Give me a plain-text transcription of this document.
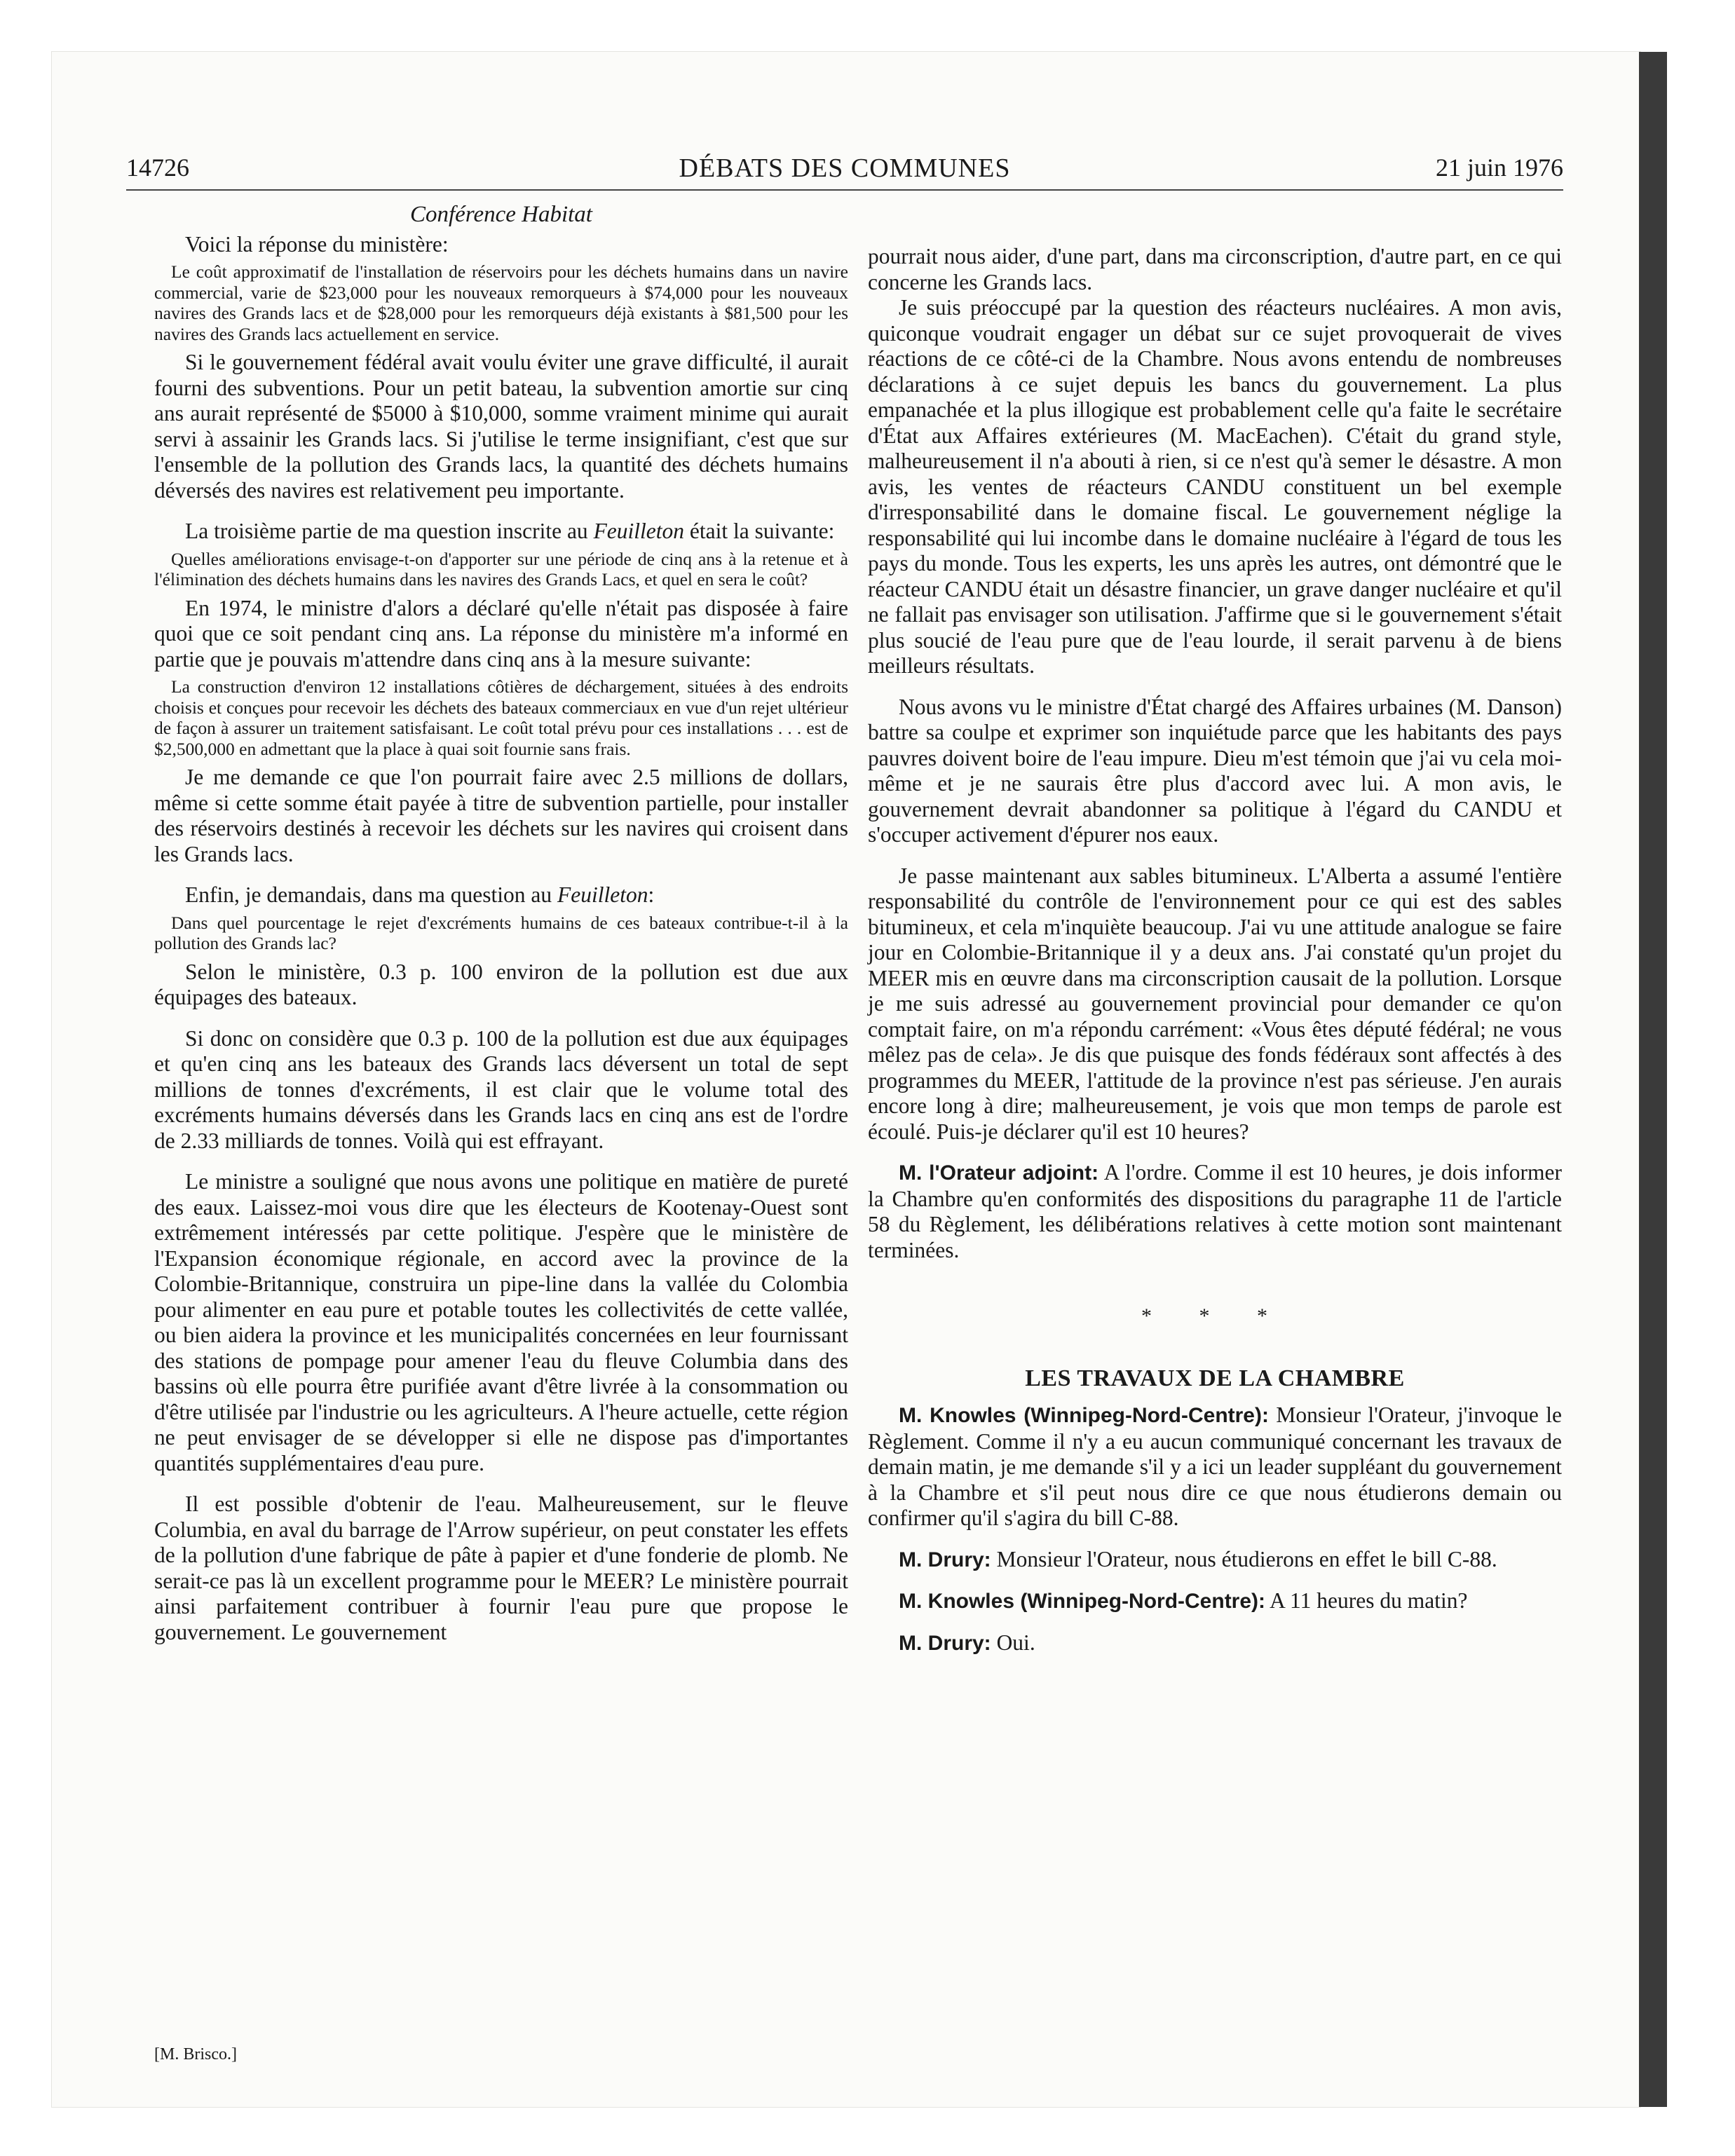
14726	DÉBATS DES COMMUNES	21 juin 1976
Conférence Habitat

Voici la réponse du ministère:

Le coût approximatif de l'installation de réservoirs pour les déchets humains dans un navire commercial, varie de $23,000 pour les nouveaux remorqueurs à $74,000 pour les nouveaux navires des Grands lacs et de $28,000 pour les remorqueurs déjà existants à $81,500 pour les navires des Grands lacs actuellement en service.

Si le gouvernement fédéral avait voulu éviter une grave difficulté, il aurait fourni des subventions. Pour un petit bateau, la subvention amortie sur cinq ans aurait représenté de $5000 à $10,000, somme vraiment minime qui aurait servi à assainir les Grands lacs. Si j'utilise le terme insignifiant, c'est que sur l'ensemble de la pollution des Grands lacs, la quantité des déchets humains déversés des navires est relativement peu importante.

La troisième partie de ma question inscrite au Feuilleton était la suivante:

Quelles améliorations envisage-t-on d'apporter sur une période de cinq ans à la retenue et à l'élimination des déchets humains dans les navires des Grands Lacs, et quel en sera le coût?

En 1974, le ministre d'alors a déclaré qu'elle n'était pas disposée à faire quoi que ce soit pendant cinq ans. La réponse du ministère m'a informé en partie que je pouvais m'attendre dans cinq ans à la mesure suivante:

La construction d'environ 12 installations côtières de déchargement, situées à des endroits choisis et conçues pour recevoir les déchets des bateaux commerciaux en vue d'un rejet ultérieur de façon à assurer un traitement satisfaisant. Le coût total prévu pour ces installations . . . est de $2,500,000 en admettant que la place à quai soit fournie sans frais.

Je me demande ce que l'on pourrait faire avec 2.5 millions de dollars, même si cette somme était payée à titre de subvention partielle, pour installer des réservoirs destinés à recevoir les déchets sur les navires qui croisent dans les Grands lacs.

Enfin, je demandais, dans ma question au Feuilleton:

Dans quel pourcentage le rejet d'excréments humains de ces bateaux contribue-t-il à la pollution des Grands lac?

Selon le ministère, 0.3 p. 100 environ de la pollution est due aux équipages des bateaux.

Si donc on considère que 0.3 p. 100 de la pollution est due aux équipages et qu'en cinq ans les bateaux des Grands lacs déversent un total de sept millions de tonnes d'excréments, il est clair que le volume total des excréments humains déversés dans les Grands lacs en cinq ans est de l'ordre de 2.33 milliards de tonnes. Voilà qui est effrayant.

Le ministre a souligné que nous avons une politique en matière de pureté des eaux. Laissez-moi vous dire que les électeurs de Kootenay-Ouest sont extrêmement intéressés par cette politique. J'espère que le ministère de l'Expansion économique régionale, en accord avec la province de la Colombie-Britannique, construira un pipe-line dans la vallée du Colombia pour alimenter en eau pure et potable toutes les collectivités de cette vallée, ou bien aidera la province et les municipalités concernées en leur fournissant des stations de pompage pour amener l'eau du fleuve Columbia dans des bassins où elle pourra être purifiée avant d'être livrée à la consommation ou d'être utilisée par l'industrie ou les agriculteurs. A l'heure actuelle, cette région ne peut envisager de se développer si elle ne dispose pas d'importantes quantités supplémentaires d'eau pure.

Il est possible d'obtenir de l'eau. Malheureusement, sur le fleuve Columbia, en aval du barrage de l'Arrow supérieur, on peut constater les effets de la pollution d'une fabrique de pâte à papier et d'une fonderie de plomb. Ne serait-ce pas là un excellent programme pour le MEER? Le ministère pourrait ainsi parfaitement contribuer à fournir l'eau pure que propose le gouvernement. Le gouvernement

[M. Brisco.]

pourrait nous aider, d'une part, dans ma circonscription, d'autre part, en ce qui concerne les Grands lacs.

Je suis préoccupé par la question des réacteurs nucléaires. A mon avis, quiconque voudrait engager un débat sur ce sujet provoquerait de vives réactions de ce côté-ci de la Chambre. Nous avons entendu de nombreuses déclarations à ce sujet depuis les bancs du gouvernement. La plus empanachée et la plus illogique est probablement celle qu'a faite le secrétaire d'État aux Affaires extérieures (M. MacEachen). C'était du grand style, malheureusement il n'a abouti à rien, si ce n'est qu'à semer le désastre. A mon avis, les ventes de réacteurs CANDU constituent un bel exemple d'irresponsabilité dans le domaine fiscal. Le gouvernement néglige la responsabilité qui lui incombe dans le domaine nucléaire à l'égard de tous les pays du monde. Tous les experts, les uns après les autres, ont démontré que le réacteur CANDU était un désastre financier, un grave danger nucléaire et qu'il ne fallait pas envisager son utilisation. J'affirme que si le gouvernement s'était plus soucié de l'eau pure que de l'eau lourde, il serait parvenu à de biens meilleurs résultats.

Nous avons vu le ministre d'État chargé des Affaires urbaines (M. Danson) battre sa coulpe et exprimer son inquiétude parce que les habitants des pays pauvres doivent boire de l'eau impure. Dieu m'est témoin que j'ai vu cela moi-même et je ne saurais être plus d'accord avec lui. A mon avis, le gouvernement devrait abandonner sa politique à l'égard du CANDU et s'occuper activement d'épurer nos eaux.

Je passe maintenant aux sables bitumineux. L'Alberta a assumé l'entière responsabilité du contrôle de l'environnement pour ce qui est des sables bitumineux, et cela m'inquiète beaucoup. J'ai vu une attitude analogue se faire jour en Colombie-Britannique il y a deux ans. J'ai constaté qu'un projet du MEER mis en œuvre dans ma circonscription causait de la pollution. Lorsque je me suis adressé au gouvernement provincial pour demander ce qu'on comptait faire, on m'a répondu carrément: «Vous êtes député fédéral; ne vous mêlez pas de cela». Je dis que puisque des fonds fédéraux sont affectés à des programmes du MEER, l'attitude de la province n'est pas sérieuse. J'en aurais encore long à dire; malheureusement, je vois que mon temps de parole est écoulé. Puis-je déclarer qu'il est 10 heures?

M. l'Orateur adjoint: A l'ordre. Comme il est 10 heures, je dois informer la Chambre qu'en conformités des dispositions du paragraphe 11 de l'article 58 du Règlement, les délibérations relatives à cette motion sont maintenant terminées.

* * *
LES TRAVAUX DE LA CHAMBRE

M. Knowles (Winnipeg-Nord-Centre): Monsieur l'Orateur, j'invoque le Règlement. Comme il n'y a eu aucun communiqué concernant les travaux de demain matin, je me demande s'il y a ici un leader suppléant du gouvernement à la Chambre et s'il peut nous dire ce que nous étudierons demain ou confirmer qu'il s'agira du bill C-88.

M. Drury: Monsieur l'Orateur, nous étudierons en effet le bill C-88.

M. Knowles (Winnipeg-Nord-Centre): A 11 heures du matin?

M. Drury: Oui.
